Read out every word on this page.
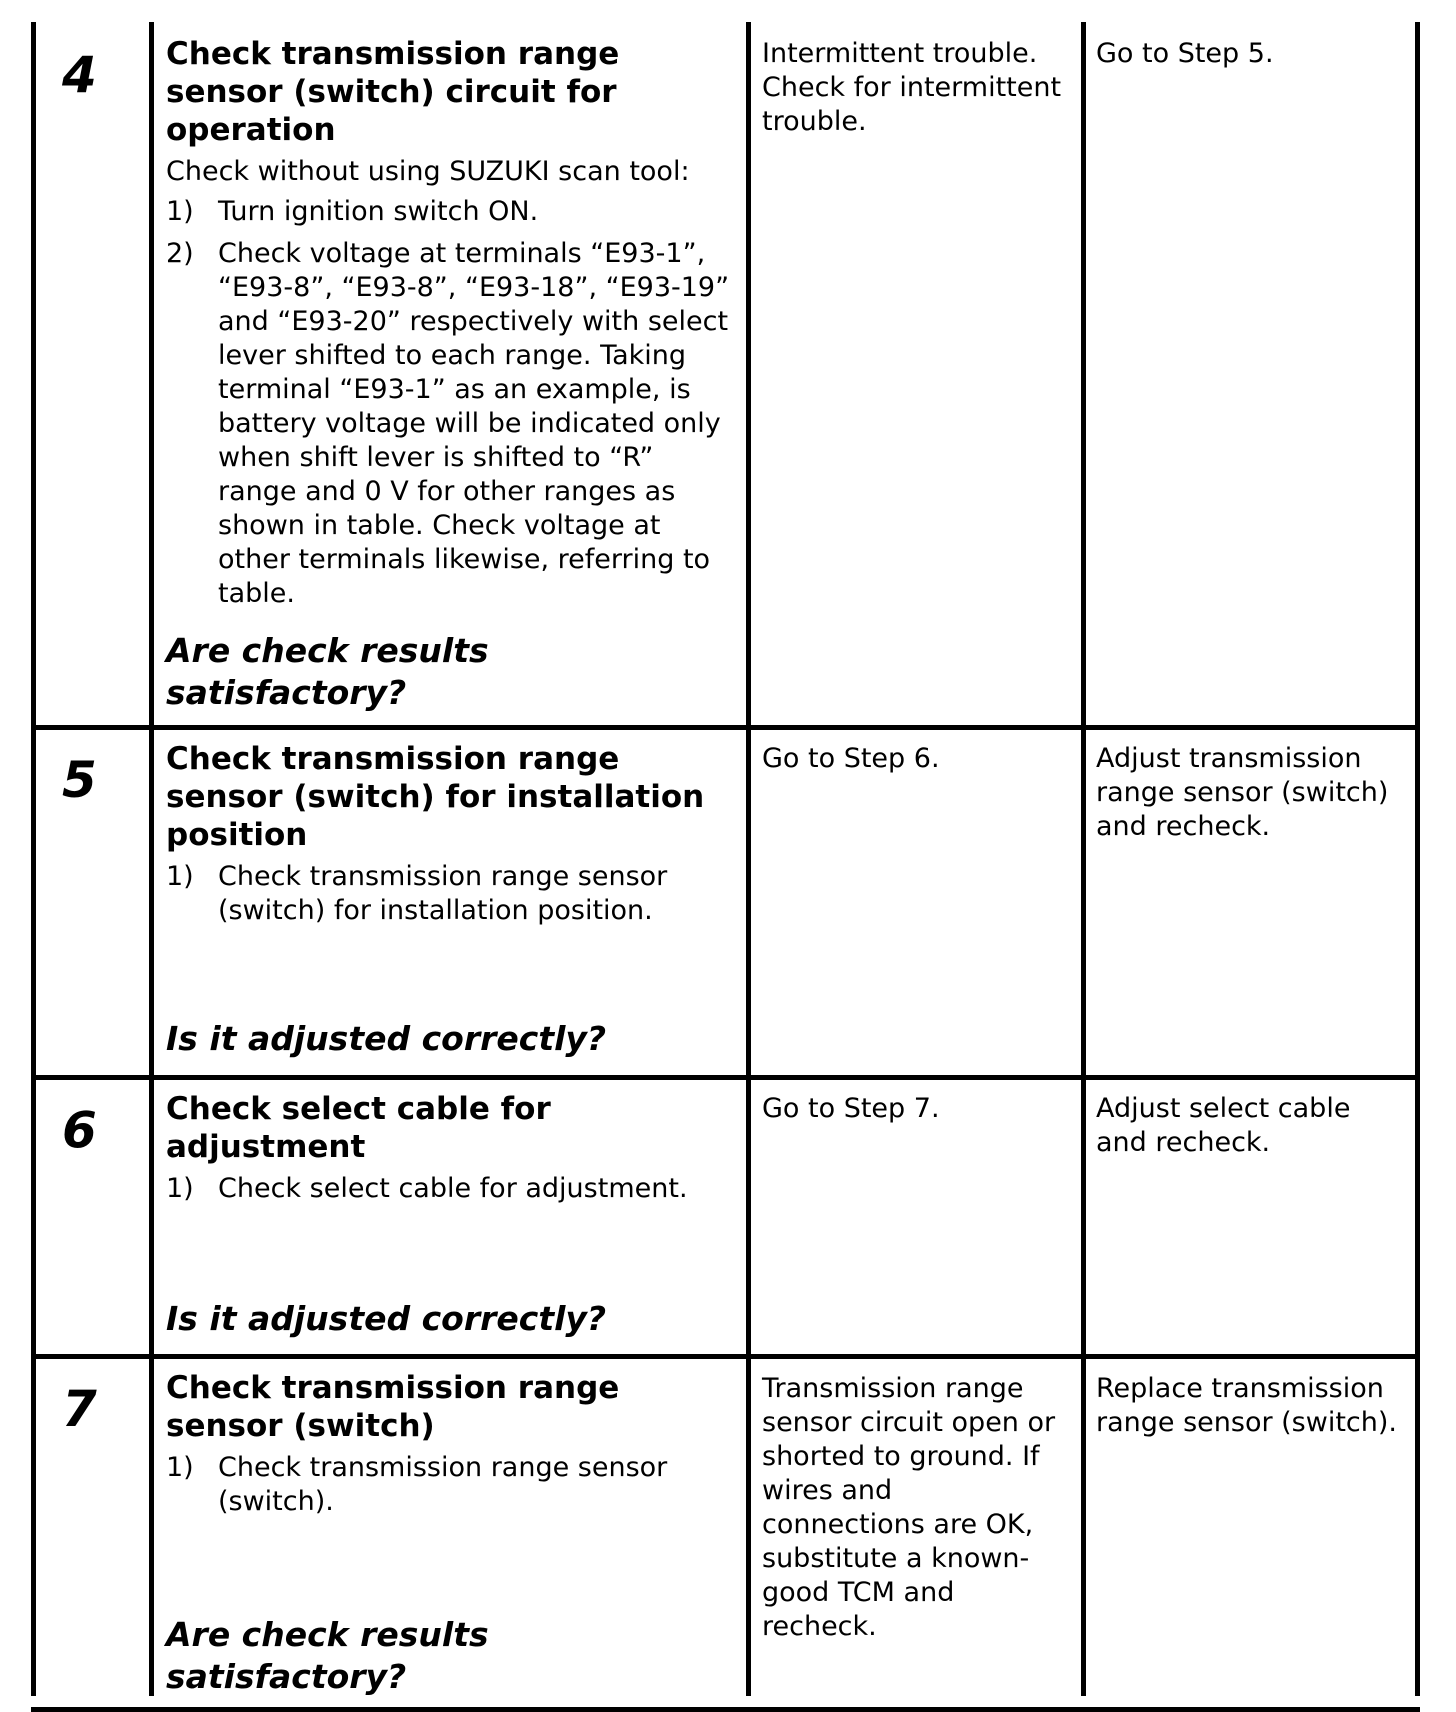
4 Check transmission range sensor (switch) circuit for operation

Check without using SUZUKI scan tool:

1) Turn ignition switch ON.
2) Check voltage at terminals “E93-1”, “E93-8”, “E93-8”, “E93-18”, “E93-19” and “E93-20” respectively with select lever shifted to each range. Taking terminal “E93-1” as an example, is battery voltage will be indicated only when shift lever is shifted to “R” range and 0 V for other ranges as shown in table. Check voltage at other terminals likewise, referring to table.

Are check results satisfactory?

Intermittent trouble. Check for intermittent trouble.

Go to Step 5.

5 Check transmission range sensor (switch) for installation position

1) Check transmission range sensor (switch) for installation position.

Is it adjusted correctly?

Go to Step 6.	Adjust transmission range sensor (switch) and recheck.

6 Check select cable for adjustment

1) Check select cable for adjustment.

Is it adjusted correctly?

Go to Step 7.	Adjust select cable and recheck.

7 Check transmission range sensor (switch)

1) Check transmission range sensor (switch).

Are check results satisfactory?

Transmission range sensor circuit open or shorted to ground. If wires and connections are OK, substitute a known-good TCM and recheck.

Replace transmission range sensor (switch).
